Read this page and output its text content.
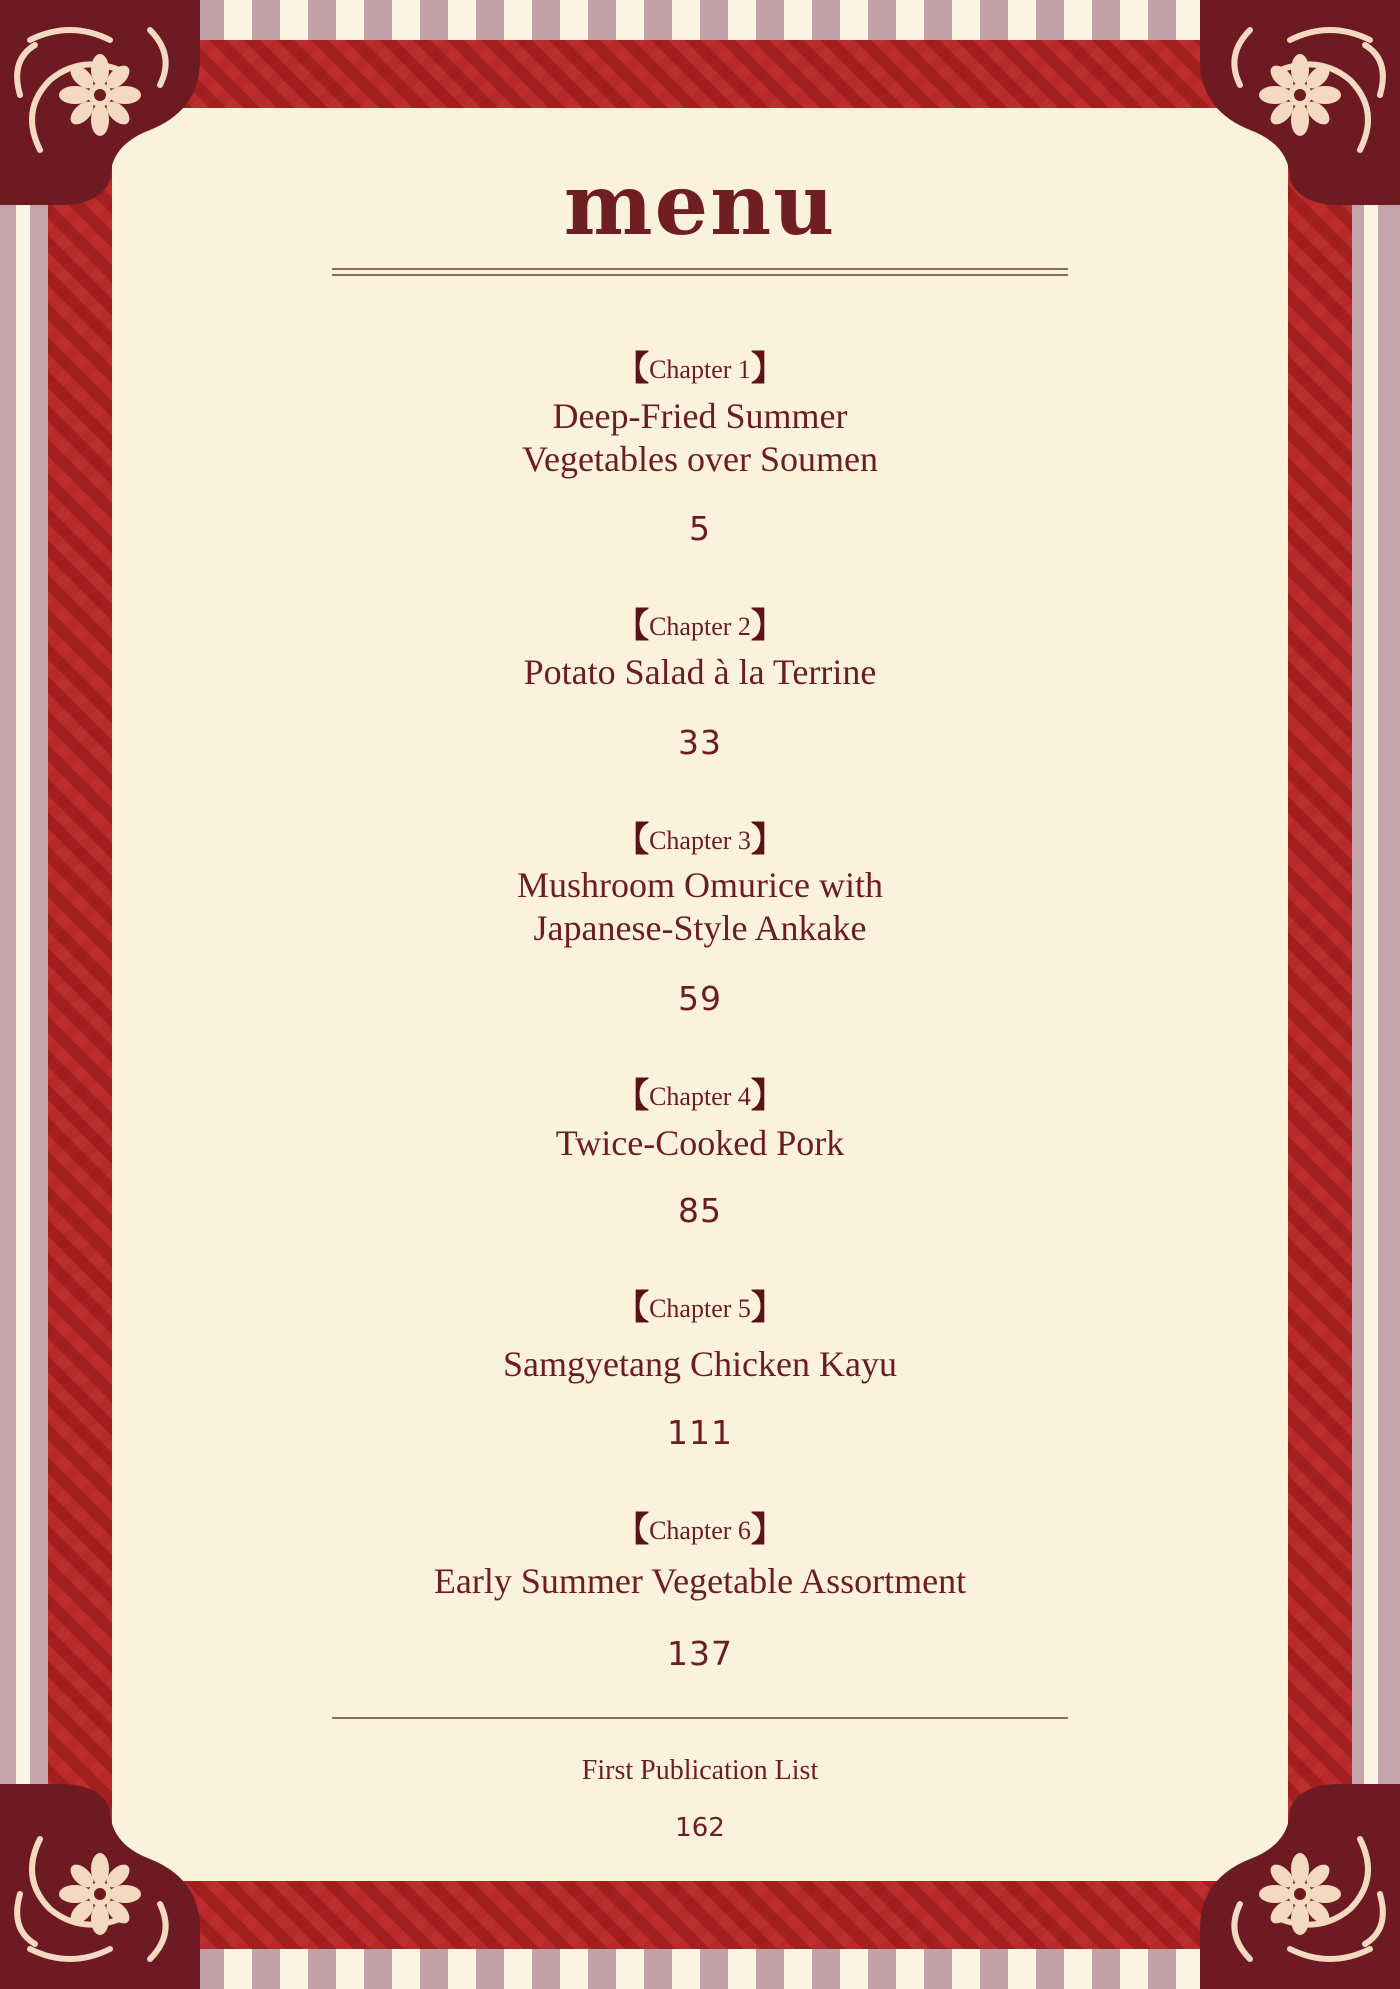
menu
【Chapter 1】
Deep-Fried Summer
Vegetables over Soumen
5
【Chapter 2】
Potato Salad à la Terrine
33
【Chapter 3】
Mushroom Omurice with
Japanese-Style Ankake
59
【Chapter 4】
Twice-Cooked Pork
85
【Chapter 5】
Samgyetang Chicken Kayu
111
【Chapter 6】
Early Summer Vegetable Assortment
137
First Publication List
162
